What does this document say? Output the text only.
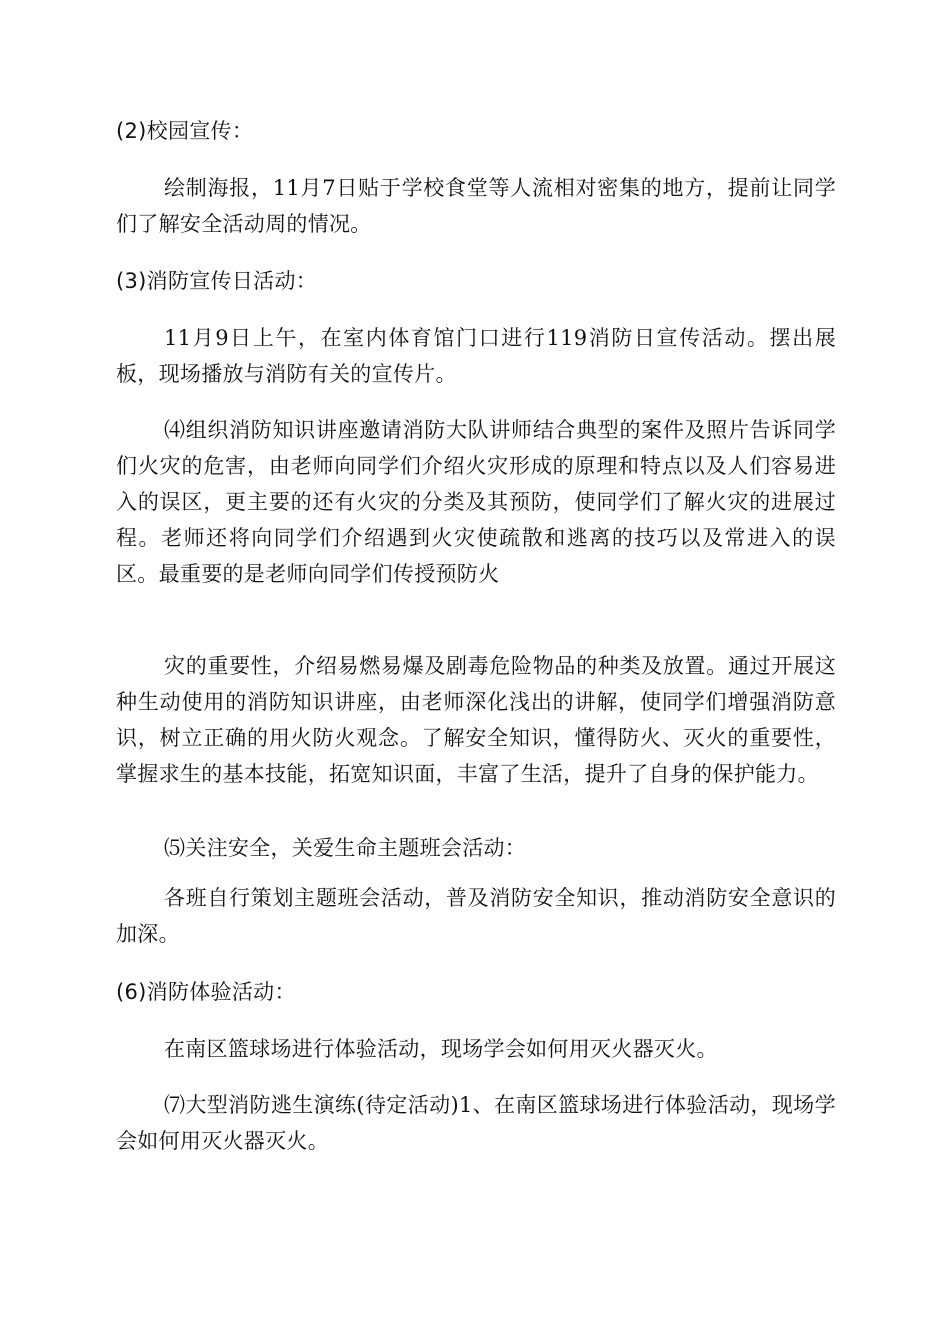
(2)校园宣传：

绘制海报，11月7日贴于学校食堂等人流相对密集的地方，提前让同学们了解安全活动周的情况。

(3)消防宣传日活动：

11月9日上午，在室内体育馆门口进行119消防日宣传活动。摆出展板，现场播放与消防有关的宣传片。

⑷组织消防知识讲座邀请消防大队讲师结合典型的案件及照片告诉同学们火灾的危害，由老师向同学们介绍火灾形成的原理和特点以及人们容易进入的误区，更主要的还有火灾的分类及其预防，使同学们了解火灾的进展过程。老师还将向同学们介绍遇到火灾使疏散和逃离的技巧以及常进入的误区。最重要的是老师向同学们传授预防火

灾的重要性，介绍易燃易爆及剧毒危险物品的种类及放置。通过开展这种生动使用的消防知识讲座，由老师深化浅出的讲解，使同学们增强消防意识，树立正确的用火防火观念。了解安全知识，懂得防火、灭火的重要性，掌握求生的基本技能，拓宽知识面，丰富了生活，提升了自身的保护能力。

⑸关注安全，关爱生命主题班会活动：

各班自行策划主题班会活动，普及消防安全知识，推动消防安全意识的加深。

(6)消防体验活动：

在南区篮球场进行体验活动，现场学会如何用灭火器灭火。

⑺大型消防逃生演练(待定活动)1、在南区篮球场进行体验活动，现场学会如何用灭火器灭火。
